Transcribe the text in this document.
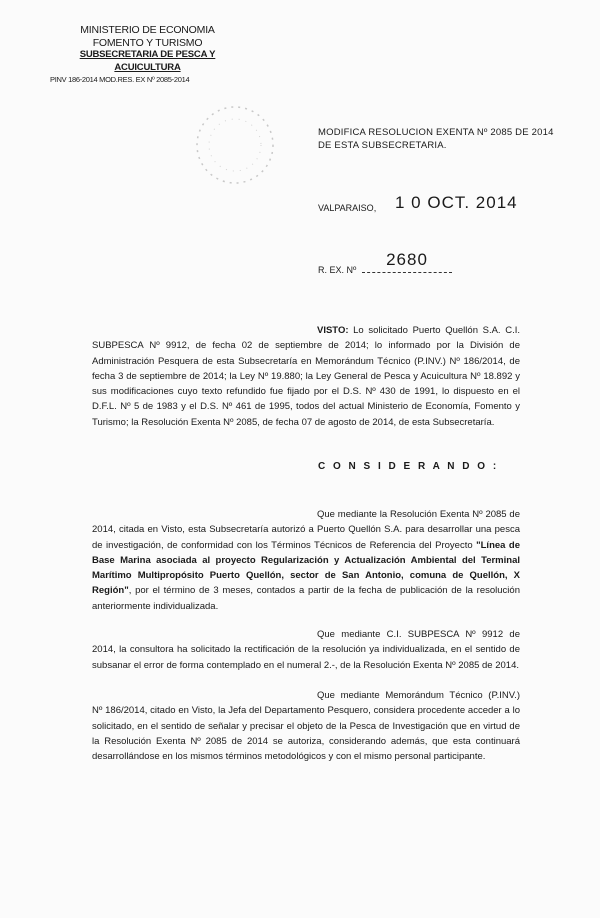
MINISTERIO DE ECONOMIA
FOMENTO Y TURISMO
SUBSECRETARIA DE PESCA Y ACUICULTURA
PINV 186-2014 MOD.RES. EX Nº 2085-2014
MODIFICA RESOLUCION EXENTA Nº 2085 DE 2014 DE ESTA SUBSECRETARIA.
VALPARAISO, 1 0 OCT. 2014
R. EX. Nº
2680
VISTO: Lo solicitado Puerto Quellón S.A. C.I. SUBPESCA Nº 9912, de fecha 02 de septiembre de 2014; lo informado por la División de Administración Pesquera de esta Subsecretaría en Memorándum Técnico (P.INV.) Nº 186/2014, de fecha 3 de septiembre de 2014; la Ley Nº 19.880; la Ley General de Pesca y Acuicultura Nº 18.892 y sus modificaciones cuyo texto refundido fue fijado por el D.S. Nº 430 de 1991, lo dispuesto en el D.F.L. Nº 5 de 1983 y el D.S. Nº 461 de 1995, todos del actual Ministerio de Economía, Fomento y Turismo; la Resolución Exenta Nº 2085, de fecha 07 de agosto de 2014, de esta Subsecretaría.
C O N S I D E R A N D O :
Que mediante la Resolución Exenta Nº 2085 de 2014, citada en Visto, esta Subsecretaría autorizó a Puerto Quellón S.A. para desarrollar una pesca de investigación, de conformidad con los Términos Técnicos de Referencia del Proyecto "Línea de Base Marina asociada al proyecto Regularización y Actualización Ambiental del Terminal Marítimo Multipropósito Puerto Quellón, sector de San Antonio, comuna de Quellón, X Región", por el término de 3 meses, contados a partir de la fecha de publicación de la resolución anteriormente individualizada.
Que mediante C.I. SUBPESCA Nº 9912 de 2014, la consultora ha solicitado la rectificación de la resolución ya individualizada, en el sentido de subsanar el error de forma contemplado en el numeral 2.-, de la Resolución Exenta Nº 2085 de 2014.
Que mediante Memorándum Técnico (P.INV.) Nº 186/2014, citado en Visto, la Jefa del Departamento Pesquero, considera procedente acceder a lo solicitado, en el sentido de señalar y precisar el objeto de la Pesca de Investigación que en virtud de la Resolución Exenta Nº 2085 de 2014 se autoriza, considerando además, que esta continuará desarrollándose en los mismos términos metodológicos y con el mismo personal participante.
